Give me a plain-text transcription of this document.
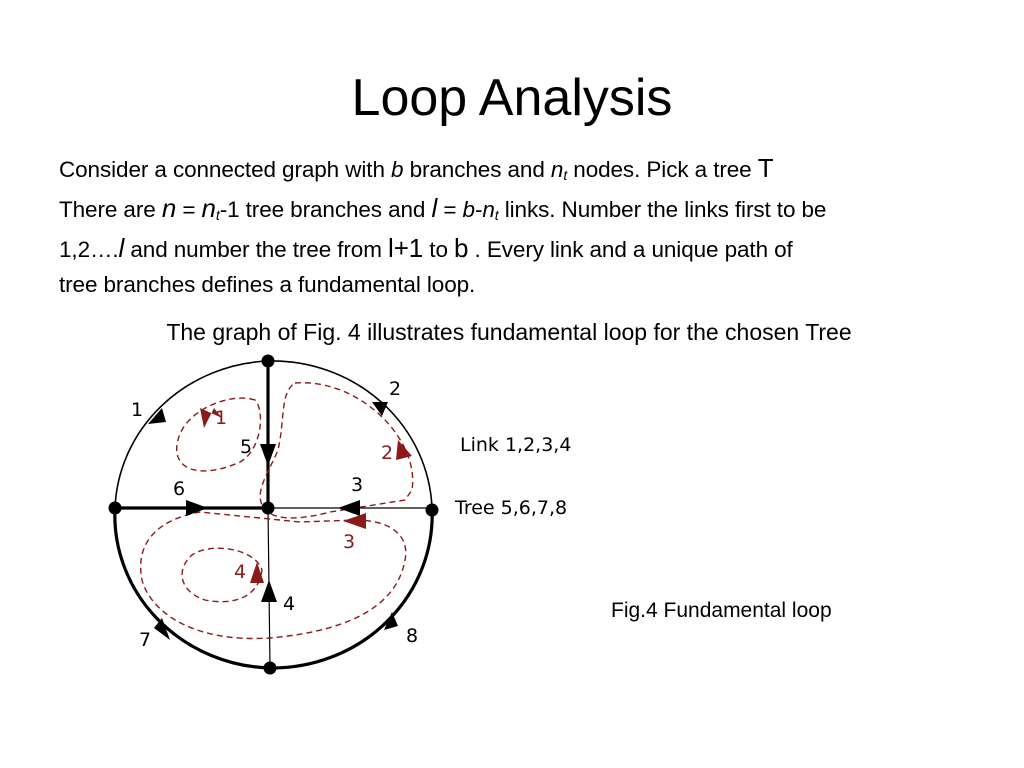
Loop Analysis
Consider a connected graph with b branches and $n_t$ nodes. Pick a tree T
There are $n = n_t-1$ tree branches and $l = b-n_t$ links. Number the links first to be
1,2….l and number the tree from l+1 to b . Every link and a unique path of
tree branches defines a fundamental loop.
The graph of Fig. 4 illustrates fundamental loop for the chosen Tree
1
2
3
4
5
6
7	8
1
2
3
4
Link 1,2,3,4
Tree 5,6,7,8
Fig.4 Fundamental loop
